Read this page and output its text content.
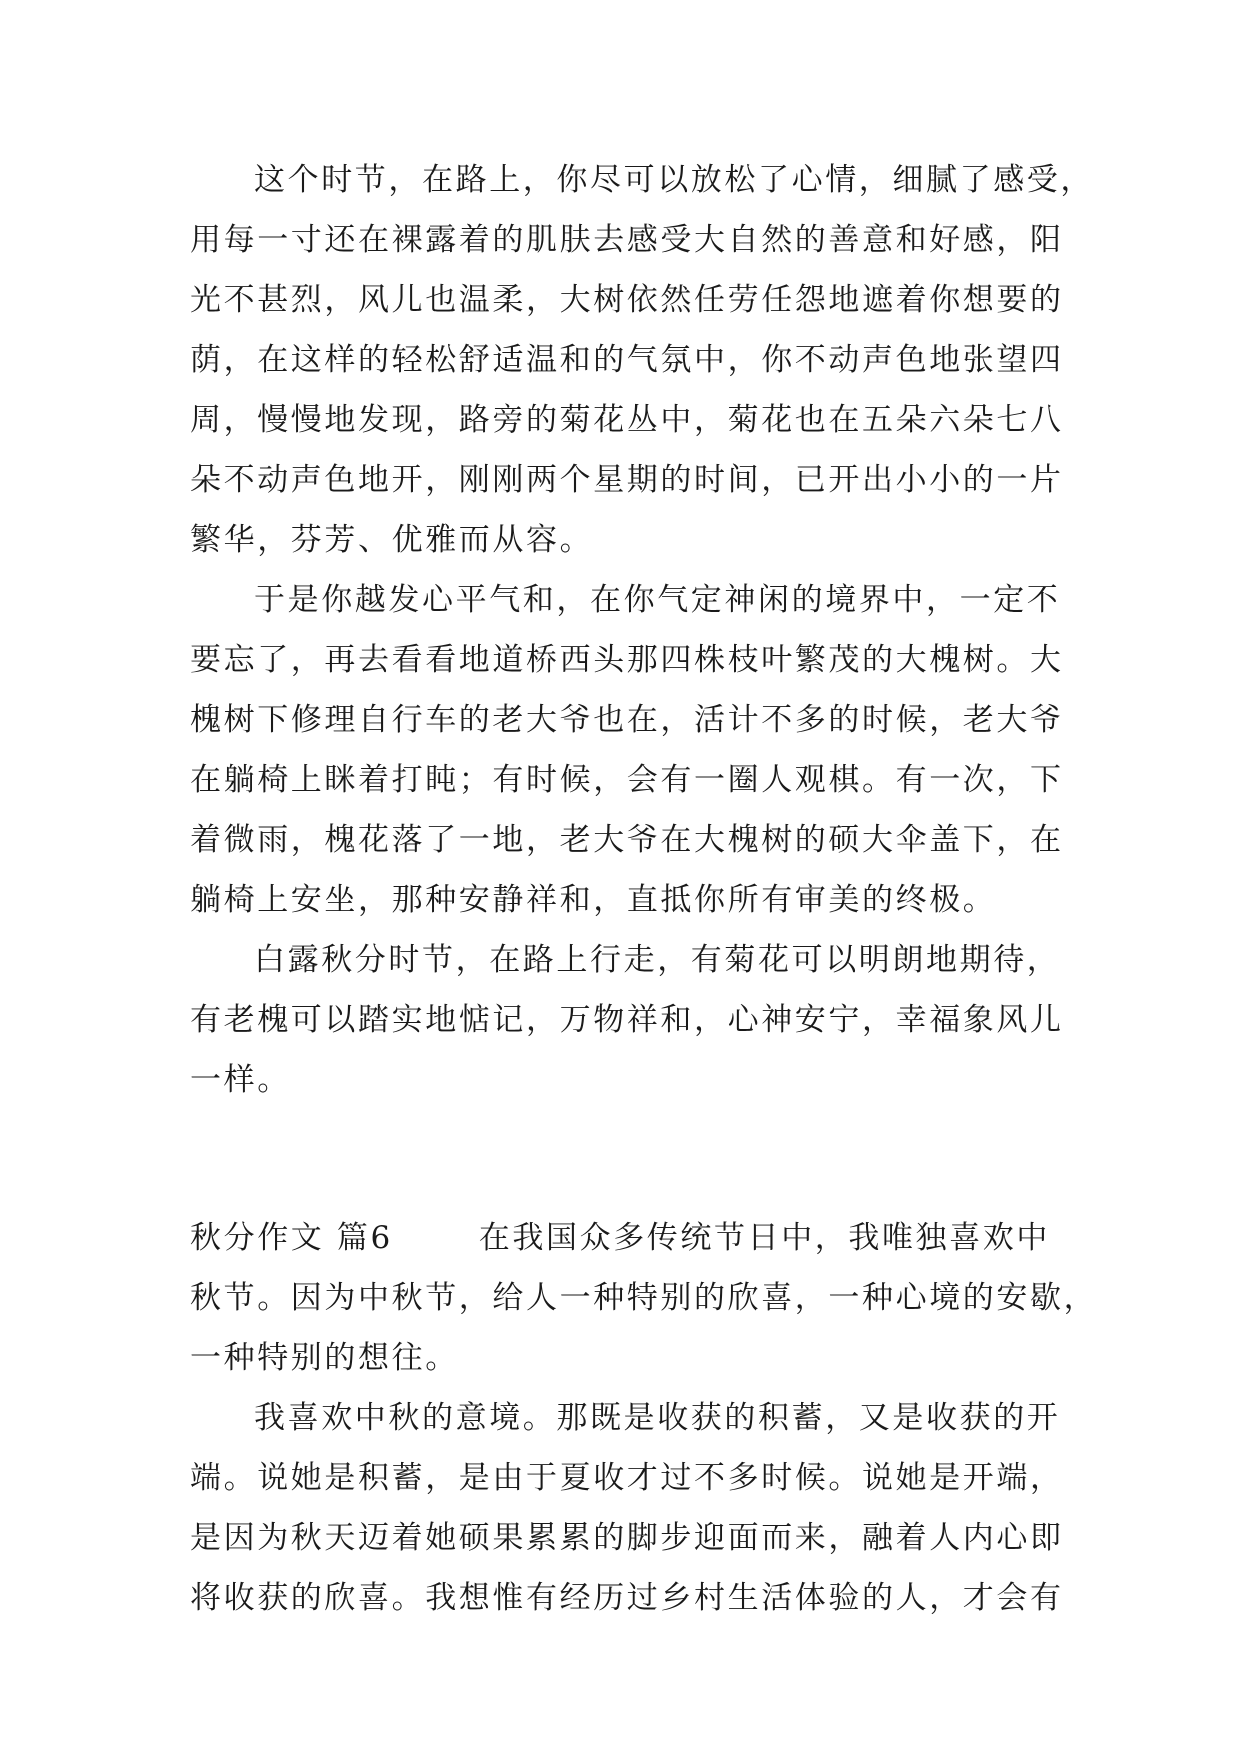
这个时节，在路上，你尽可以放松了心情，细腻了感受，
用每一寸还在裸露着的肌肤去感受大自然的善意和好感，阳
光不甚烈，风儿也温柔，大树依然任劳任怨地遮着你想要的
荫，在这样的轻松舒适温和的气氛中，你不动声色地张望四
周，慢慢地发现，路旁的菊花丛中，菊花也在五朵六朵七八
朵不动声色地开，刚刚两个星期的时间，已开出小小的一片
繁华，芬芳、优雅而从容。
于是你越发心平气和，在你气定神闲的境界中，一定不
要忘了，再去看看地道桥西头那四株枝叶繁茂的大槐树。大
槐树下修理自行车的老大爷也在，活计不多的时候，老大爷
在躺椅上眯着打盹；有时候，会有一圈人观棋。有一次，下
着微雨，槐花落了一地，老大爷在大槐树的硕大伞盖下，在
躺椅上安坐，那种安静祥和，直抵你所有审美的终极。
白露秋分时节，在路上行走，有菊花可以明朗地期待，
有老槐可以踏实地惦记，万物祥和，心神安宁，幸福象风儿
一样。
秋分作文 篇6	在我国众多传统节日中，我唯独喜欢中
秋节。因为中秋节，给人一种特别的欣喜，一种心境的安歇，
一种特别的想往。
我喜欢中秋的意境。那既是收获的积蓄，又是收获的开
端。说她是积蓄，是由于夏收才过不多时候。说她是开端，
是因为秋天迈着她硕果累累的脚步迎面而来，融着人内心即
将收获的欣喜。我想惟有经历过乡村生活体验的人，才会有
